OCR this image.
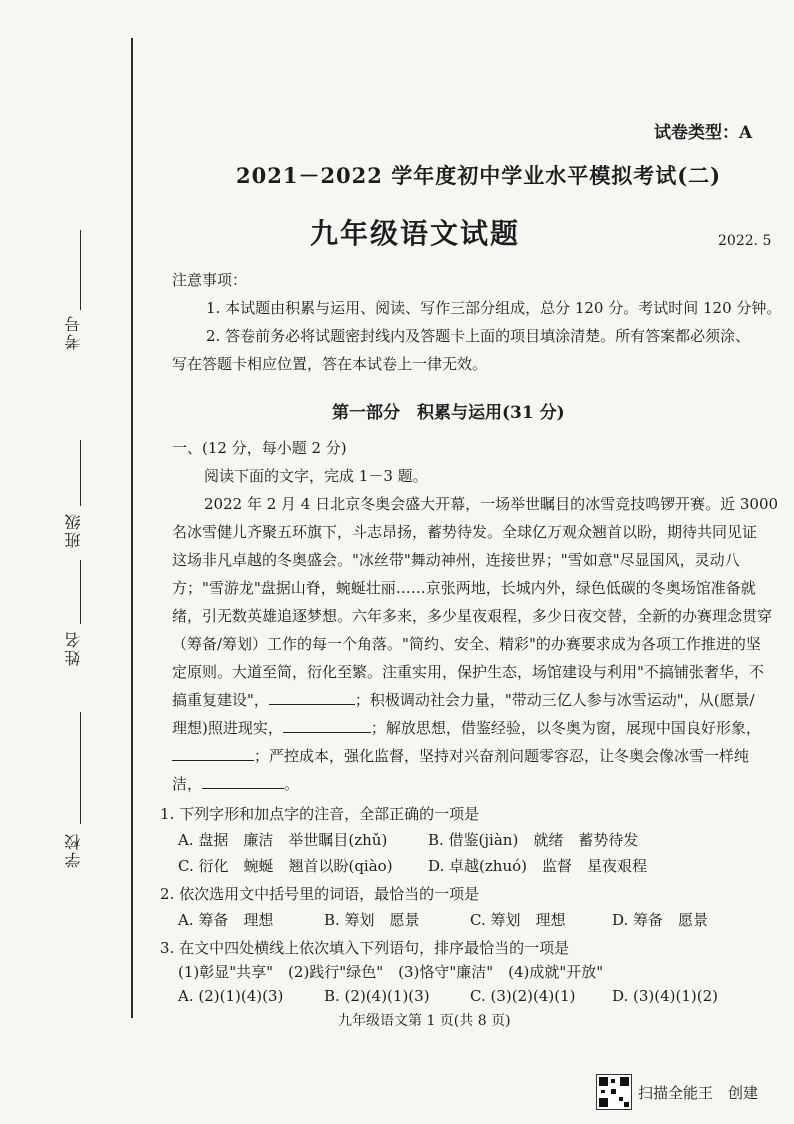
考号
班级
姓名
学校
试卷类型：A
2021－2022 学年度初中学业水平模拟考试(二)
九年级语文试题	2022. 5
注意事项：
1. 本试题由积累与运用、阅读、写作三部分组成，总分 120 分。考试时间 120 分钟。
2. 答卷前务必将试题密封线内及答题卡上面的项目填涂清楚。所有答案都必须涂、
写在答题卡相应位置，答在本试卷上一律无效。
第一部分　积累与运用(31 分)
一、(12 分，每小题 2 分)
阅读下面的文字，完成 1－3 题。
2022 年 2 月 4 日北京冬奥会盛大开幕，一场举世瞩目的冰雪竞技鸣锣开赛。近 3000
名冰雪健儿齐聚五环旗下，斗志昂扬，蓄势待发。全球亿万观众翘首以盼，期待共同见证
这场非凡卓越的冬奥盛会。"冰丝带"舞动神州，连接世界；"雪如意"尽显国风，灵动八
方；"雪游龙"盘据山脊，蜿蜒壮丽……京张两地，长城内外，绿色低碳的冬奥场馆准备就
绪，引无数英雄追逐梦想。六年多来，多少星夜艰程，多少日夜交替，全新的办赛理念贯穿
（筹备/筹划）工作的每一个角落。"简约、安全、精彩"的办赛要求成为各项工作推进的坚
定原则。大道至简，衍化至繁。注重实用，保护生态，场馆建设与利用"不搞铺张奢华，不
搞重复建设"，	；积极调动社会力量，"带动三亿人参与冰雪运动"，从(愿景/
理想)照进现实，	；解放思想，借鉴经验，以冬奥为窗，展现中国良好形象，
；严控成本，强化监督，坚持对兴奋剂问题零容忍，让冬奥会像冰雪一样纯
洁，	。
1. 下列字形和加点字的注音，全部正确的一项是
A. 盘据　廉洁　举世瞩目(zhǔ)	B. 借鉴(jiàn)　就绪　蓄势待发
C. 衍化　蜿蜒　翘首以盼(qiào) D. 卓越(zhuó)　监督　星夜艰程
2. 依次选用文中括号里的词语，最恰当的一项是
A. 筹备　理想	B. 筹划　愿景	C. 筹划　理想	D. 筹备　愿景
3. 在文中四处横线上依次填入下列语句，排序最恰当的一项是
(1)彰显"共享"　(2)践行"绿色"　(3)恪守"廉洁"　(4)成就"开放"
A. (2)(1)(4)(3)	B. (2)(4)(1)(3)	C. (3)(2)(4)(1) D. (3)(4)(1)(2)
九年级语文第 1 页(共 8 页)
扫描全能王　创建
